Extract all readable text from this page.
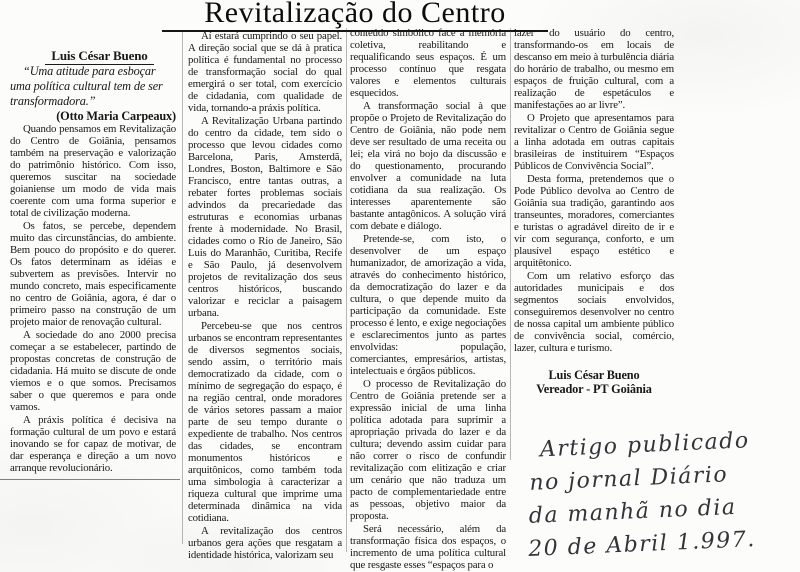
Revitalização do Centro

Luis César Bueno

“Uma atitude para esboçar uma política cultural tem de ser transformadora.”

(Otto Maria Carpeaux)

Quando pensamos em Revitalização do Centro de Goiânia, pensamos também na preservação e valorização do patrimônio histórico. Com isso, queremos suscitar na sociedade goianiense um modo de vida mais coerente com uma forma superior e total de civilização moderna.

Os fatos, se percebe, dependem muito das circunstâncias, do ambiente. Bem pouco do propósito e do querer. Os fatos determinam as idéias e subvertem as previsões. Intervir no mundo concreto, mais especificamente no centro de Goiânia, agora, é dar o primeiro passo na construção de um projeto maior de renovação cultural.

A sociedade do ano 2000 precisa começar a se estabelecer, partindo de propostas concretas de construção de cidadania. Há muito se discute de onde viemos e o que somos. Precisamos saber o que queremos e para onde vamos.

A práxis política é decisiva na formação cultural de um povo e estará inovando se for capaz de motivar, de dar esperança e direção a um novo arranque revolucionário.

Aí estará cumprindo o seu papel. A direção social que se dá à pratica política é fundamental no processo de transformação social do qual emergirá o ser total, com exercício de cidadania, com qualidade de vida, tornando-a práxis política.

A Revitalização Urbana partindo do centro da cidade, tem sido o processo que levou cidades como Barcelona, Paris, Amsterdã, Londres, Boston, Baltimore e São Francisco, entre tantas outras, a rebater fortes problemas sociais advindos da precariedade das estruturas e economias urbanas frente à modernidade. No Brasil, cidades como o Rio de Janeiro, São Luis do Maranhão, Curitiba, Recife e São Paulo, já desenvolvem projetos de revitalização dos seus centros históricos, buscando valorizar e reciclar a paisagem urbana.

Percebeu-se que nos centros urbanos se encontram representantes de diversos segmentos sociais, sendo assim, o território mais democratizado da cidade, com o mínimo de segregação do espaço, é na região central, onde moradores de vários setores passam a maior parte de seu tempo durante o expediente de trabalho. Nos centros das cidades, se encontram monumentos históricos e arquitônicos, como também toda uma simbologia à caracterizar a riqueza cultural que imprime uma determinada dinâmica na vida cotidiana.

A revitalização dos centros urbanos gera ações que resgatam a identidade histórica, valorizam seu

conteúdo simbólico face a memória coletiva, reabilitando e requalificando seus espaços. É um processo contínuo que resgata valores e elementos culturais esquecidos.

A transformação social à que propõe o Projeto de Revitalização do Centro de Goiânia, não pode nem deve ser resultado de uma receita ou lei; ela virá no bojo da discussão e do questionamento, procurando envolver a comunidade na luta cotidiana da sua realização. Os interesses aparentemente são bastante antagônicos. A solução virá com debate e diálogo.

Pretende-se, com isto, o desenvolver de um espaço humanizador, de amorização a vida, através do conhecimento histórico, da democratização do lazer e da cultura, o que depende muito da participação da comunidade. Este processo é lento, e exige negociações e esclarecimentos junto as partes envolvidas: população, comerciantes, empresários, artistas, intelectuais e órgãos públicos.

O processo de Revitalização do Centro de Goiânia pretende ser a expressão inicial de uma linha política adotada para suprimir a apropriação privada do lazer e da cultura; devendo assim cuidar para não correr o risco de confundir revitalização com elitização e criar um cenário que não traduza um pacto de complementariedade entre as pessoas, objetivo maior da proposta.

Será necessário, além da transformação física dos espaços, o incremento de uma política cultural que resgaste esses “espaços para o

lazer do usuário do centro, transformando-os em locais de descanso em meio à turbulência diária do horário de trabalho, ou mesmo em espaços de fruição cultural, com a realização de espetáculos e manifestações ao ar livre”.

O Projeto que apresentamos para revitalizar o Centro de Goiânia segue a linha adotada em outras capitais brasileiras de instituirem “Espaços Públicos de Convivência Social”.

Desta forma, pretendemos que o Pode Público devolva ao Centro de Goiânia sua tradição, garantindo aos transeuntes, moradores, comerciantes e turistas o agradável direito de ir e vir com segurança, conforto, e um plausível espaço estético e arquitêtonico.

Com um relativo esforço das autoridades municipais e dos segmentos sociais envolvidos, conseguiremos desenvolver no centro de nossa capital um ambiente público de convivência social, comércio, lazer, cultura e turismo.

Luis César Bueno
Vereador - PT Goiânia
Artigo publicado
no jornal Diário
da manhã no dia
20 de Abril 1.997.
